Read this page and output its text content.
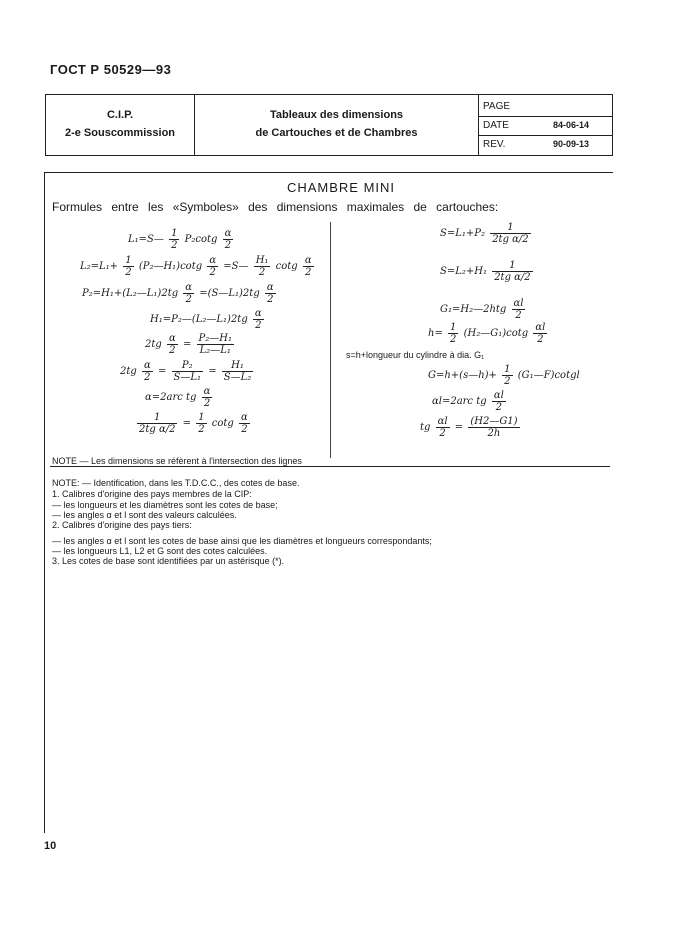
ГОСТ Р 50529—93
C.I.P.
2-e Souscommission
Tableaux des dimensions
de Cartouches et de Chambres
PAGE
DATE	84-06-14
REV.	90-09-13
CHAMBRE MINI
Formules entre les «Symboles» des dimensions maximales de cartouches:
L₁=S— $\frac{1}{2} P_2\cot g \frac{\alpha}{2}$
$L_2=L_1+ \frac{1}{2}$ (P₂—H₁)cotg $\frac{\alpha}{2}$ =S— $\frac{\text{H₁}}{2}$ cotg $\frac{\alpha}{2}$
P₂=H₁+(L₂—L₁)2tg $\frac{\alpha}{2}$ =(S—L₁)2tg $\frac{\alpha}{2}$
H₁=P₂—(L₂—L₁)2tg $\frac{\alpha}{2}$
$2tg \frac{\alpha}{2} = \frac{\text{P₂—H₁}}{\text{L₂—L₁}}$
$2tg \frac{\alpha}{2} = \frac{\text{P₂}}{\text{S—L₁}} = \frac{\text{H₁}}{\text{S—L₂}}$
α=2arc tg $\frac{\alpha}{2}$
$\frac{1}{\text{2tg α/2}} = \frac{1}{2}$ cotg $\frac{\alpha}{2}$
$S=L_1+P_2 \frac{1}{\text{2tg α/2}}$
$S=L_2+H_1 \frac{1}{\text{2tg α/2}}$
G₁=H₂—2htg $\frac{\alpha l}{2}$
$h= \frac{1}{2}$ (H₂—G₁)cotg $\frac{\alpha l}{2}$
s=h+longueur du cylindre à dia. G₁
G=h+(s—h)+ $\frac{1}{2}$ (G₁—F)cotgl
αl=2arc tg $\frac{\alpha l}{2}$
tg $\frac{\alpha l}{2} = \frac{(H2—G1)}{2h}$
NOTE — Les dimensions se réfèrent à l'intersection des lignes
NOTE: — Identification, dans les T.D.C.C., des cotes de base.
1. Calibres d'origine des pays membres de la CIP:
— les longueurs et les diamètres sont les cotes de base;
— les angles α et l sont des valeurs calculées.
2. Calibres d'origine des pays tiers:
— les angles α et l sont les cotes de base ainsi que les diamètres et longueurs correspondants;
— les longueurs L1, L2 et G sont des cotes calculées.
3. Les cotes de base sont identifiées par un astérisque (*).
10
